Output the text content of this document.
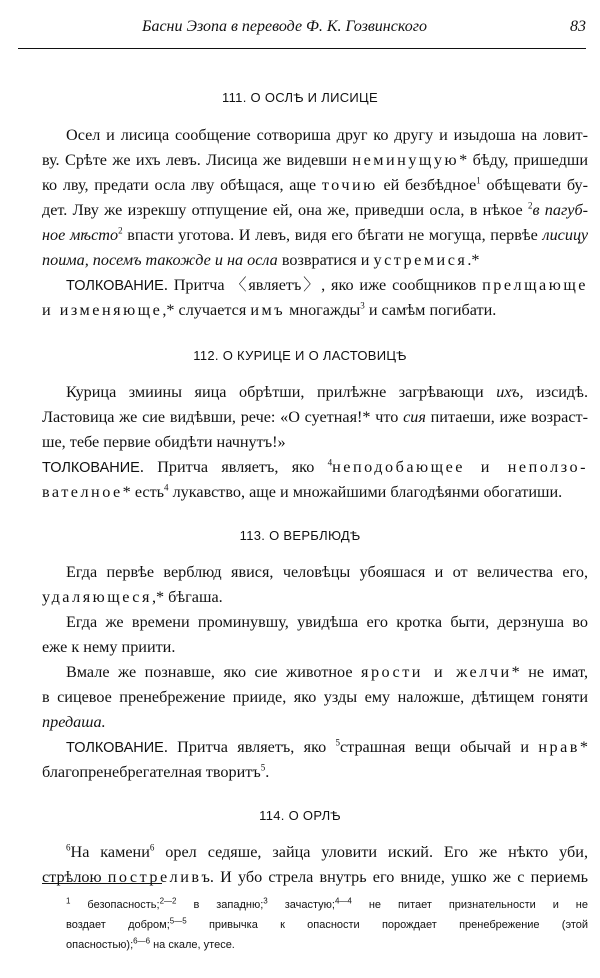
Басни Эзопа в переводе Ф. К. Гозвинского	83
111. О ОСЛѢ И ЛИСИЦЕ
Осел и лисица сообщение сотвориша друг ко другу и изыдоша на ловит-
ву. Срѣте же ихъ левъ. Лисица же видевши неминущую* бѣду, пришедши
ко лву, предати осла лву обѣщася, аще точию ей безбѣдное$^1$ обѣщевати бу-
дет. Лву же изрекшу отпущение ей, она же, приведши осла, в нѣкое $^2$в пагуб-
ное мѣсто$^2$ впасти уготова. И левъ, видя его бѣгати не могуща, первѣе лисицу
поима, посемъ такожде и на осла возвратися и устремися.*
ТОЛКОВАНИЕ. Притча 〈являетъ〉, яко иже сообщников прелщающе
и изменяюще,* случается имъ многажды$^3$ и самѣм погибати.
112. О КУРИЦЕ И О ЛАСТОВИЦѢ
Курица змиины яица обрѣтши, прилѣжне загрѣвающи ихъ, изсидѣ.
Ластовица же сие видѣвши, рече: «О суетная!* что сия питаеши, иже возраст-
ше, тебе первие обидѣти начнутъ!»
ТОЛКОВАНИЕ. Притча являетъ, яко $^4$неподобающее и неползо-
вателное* есть$^4$ лукавство, аще и множайшими благодѣянми обогатиши.
113. О ВЕРБЛЮДѢ
Егда первѣе верблюд явися, человѣцы убояшася и от величества его,
удаляющеся,* бѣгаша.
Егда же времени проминувшу, увидѣша его кротка быти, дерзнуша во
еже к нему приити.
Вмале же познавше, яко сие животное ярости и желчи* не имат,
в сицевое пренебрежение прииде, яко узды ему наложше, дѣтищем гоняти
предаша.
ТОЛКОВАНИЕ. Притча являетъ, яко $^5$страшная вещи обычай и нрав*
благопренебрегателная творитъ$^5$.
114. О ОРЛѢ
$^6$На камени$^6$ орел седяше, зайца уловити иский. Его же нѣкто уби,
стрѣлою постреливъ. И убо стрела внутрь его вниде, ушко же с периемь
$^1$ безопасность;$^{2—2}$ в западню;$^3$ зачастую;$^{4—4}$ не питает признательности и не
воздает добром;$^{5—5}$ привычка к опасности порождает пренебрежение (этой
опасностью);$^{6—6}$ на скале, утесе.
